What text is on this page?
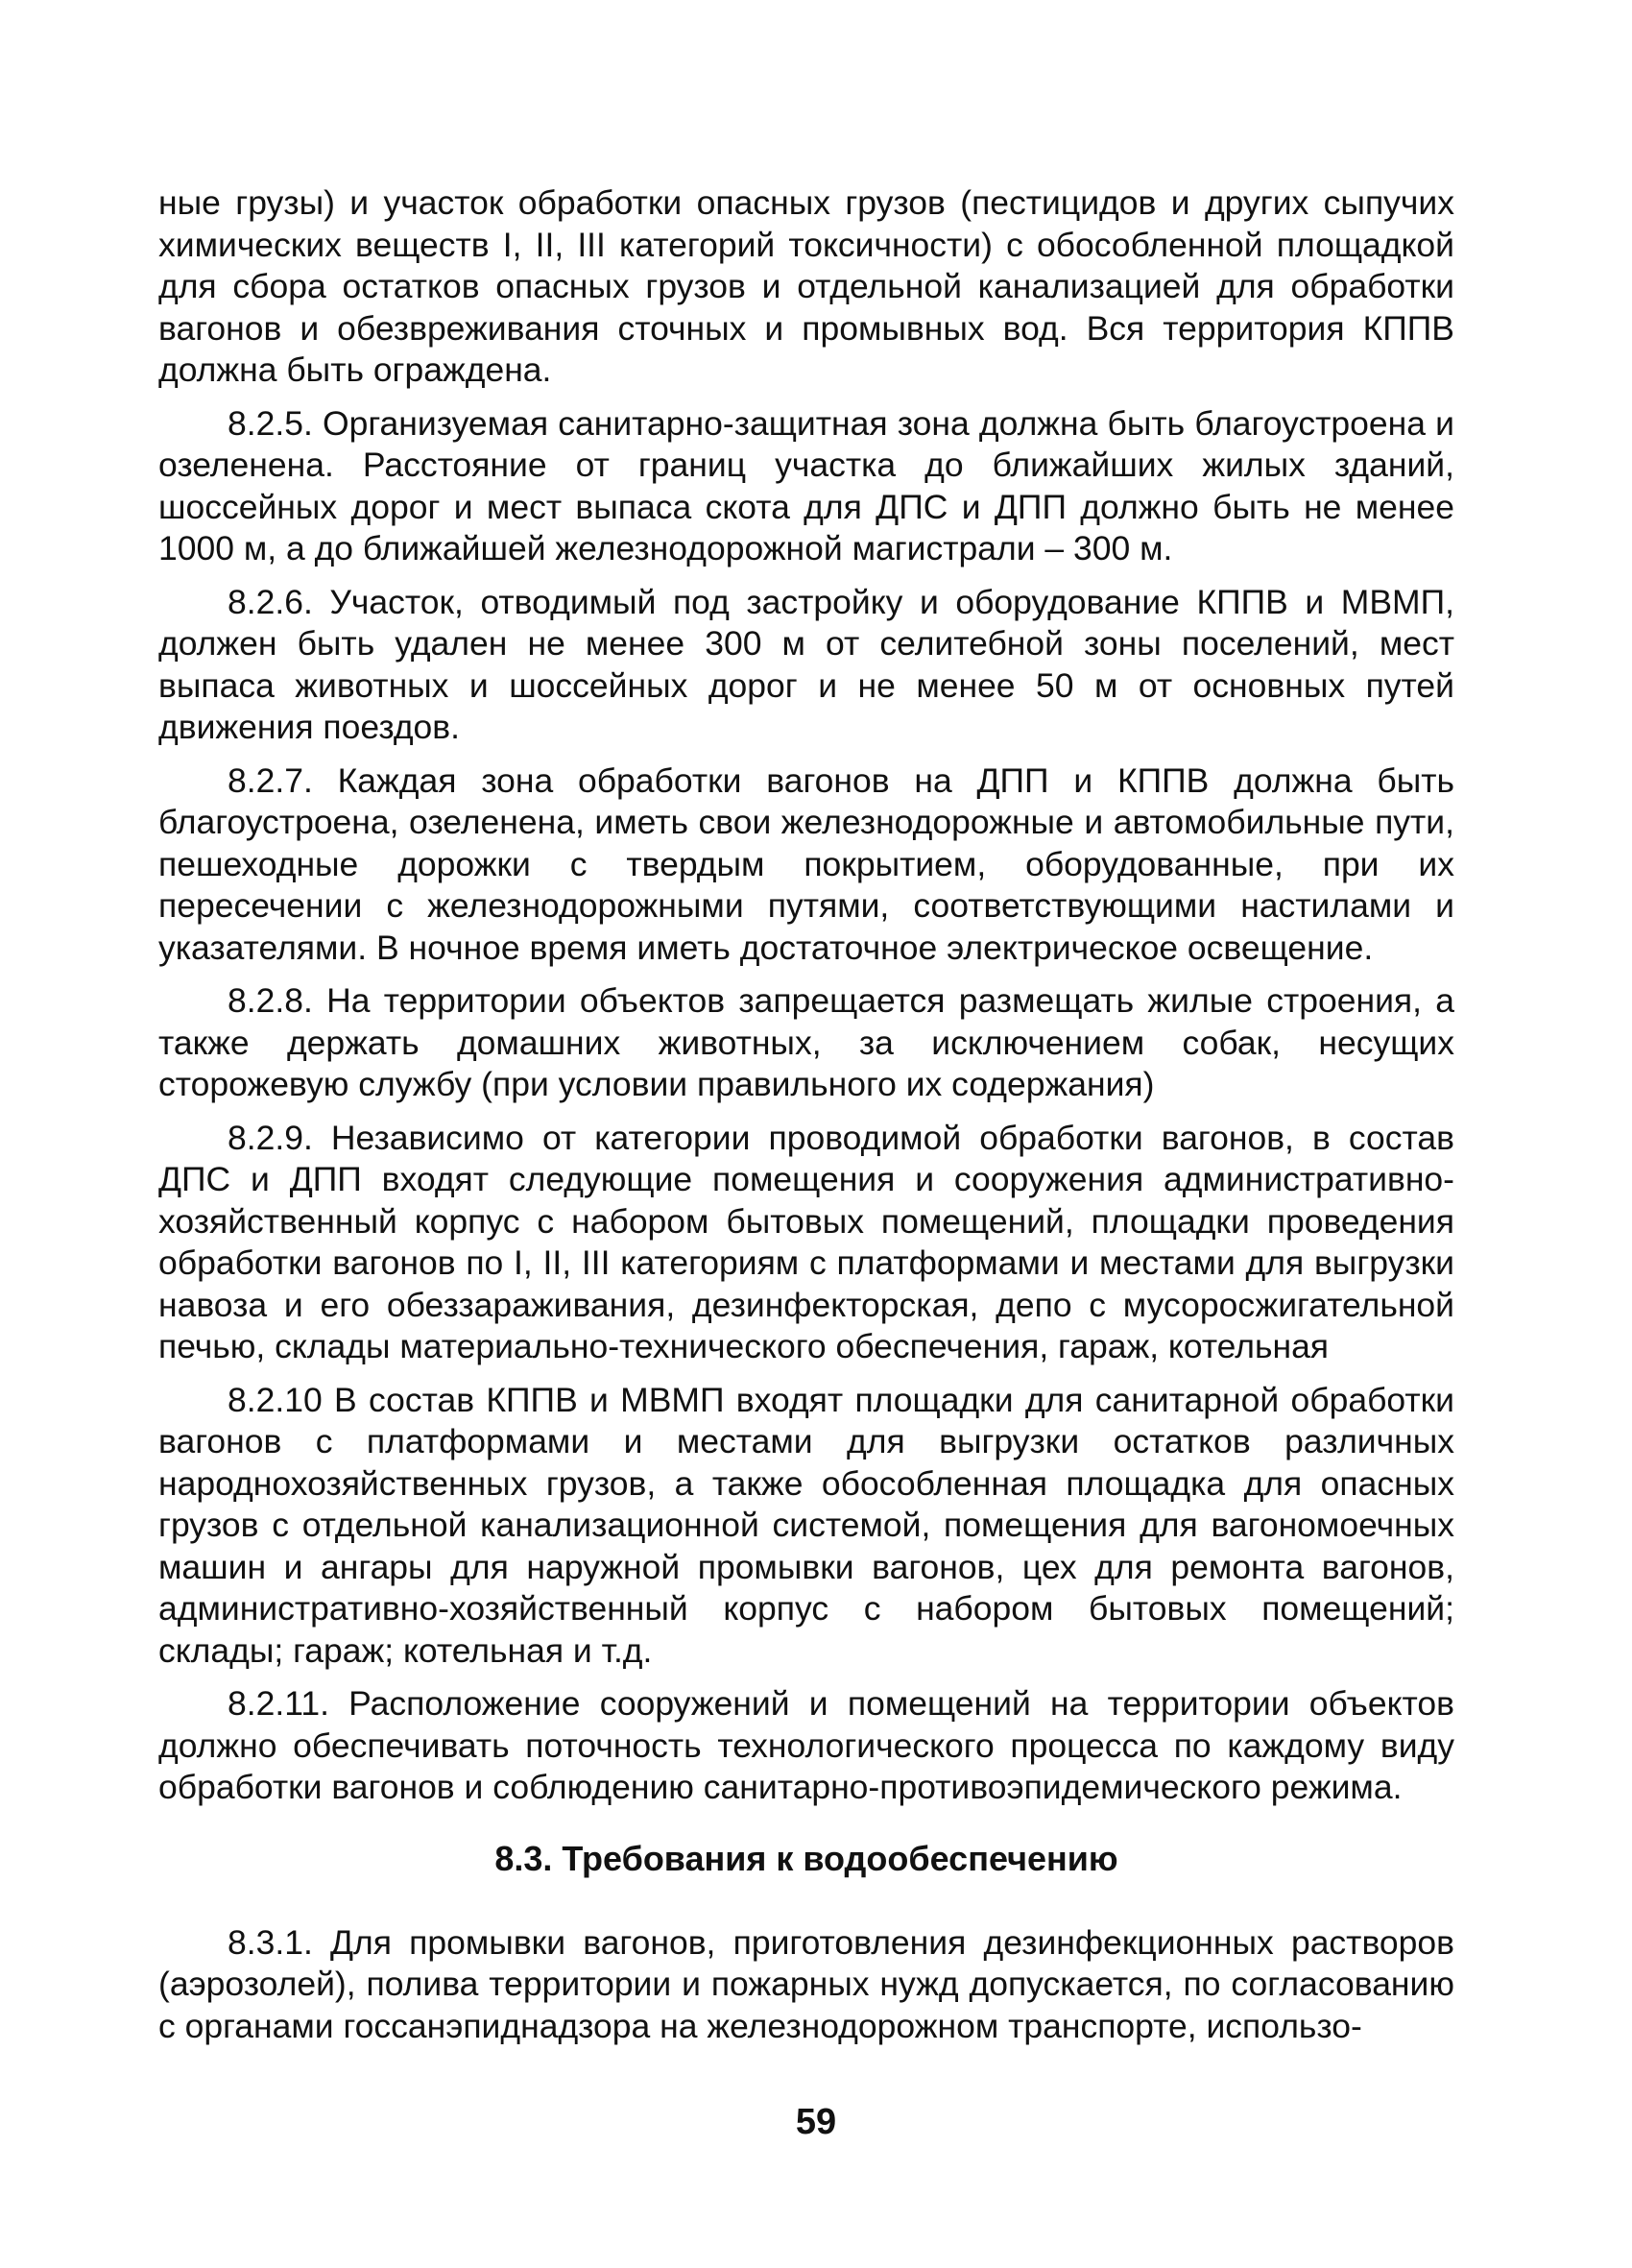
ные грузы) и участок обработки опасных грузов (пестицидов и других сыпучих химических веществ I, II, III категорий токсичности) с обособленной площадкой для сбора остатков опасных грузов и отдельной канализацией для обработки вагонов и обезвреживания сточных и промывных вод. Вся территория КППВ должна быть ограждена.

8.2.5. Организуемая санитарно-защитная зона должна быть благоустроена и озеленена. Расстояние от границ участка до ближайших жилых зданий, шоссейных дорог и мест выпаса скота для ДПС и ДПП должно быть не менее 1000 м, а до ближайшей железнодорожной магистрали – 300 м.

8.2.6. Участок, отводимый под застройку и оборудование КППВ и МВМП, должен быть удален не менее 300 м от селитебной зоны поселений, мест выпаса животных и шоссейных дорог и не менее 50 м от основных путей движения поездов.

8.2.7. Каждая зона обработки вагонов на ДПП и КППВ должна быть благоустроена, озеленена, иметь свои железнодорожные и автомобильные пути, пешеходные дорожки с твердым покрытием, оборудованные, при их пересечении с железнодорожными путями, соответствующими настилами и указателями. В ночное время иметь достаточное электрическое освещение.

8.2.8. На территории объектов запрещается размещать жилые строения, а также держать домашних животных, за исключением собак, несущих сторожевую службу (при условии правильного их содержания)

8.2.9. Независимо от категории проводимой обработки вагонов, в состав ДПС и ДПП входят следующие помещения и сооружения административно-хозяйственный корпус с набором бытовых помещений, площадки проведения обработки вагонов по I, II, III категориям с платформами и местами для выгрузки навоза и его обеззараживания, дезинфекторская, депо с мусоросжигательной печью, склады материально-технического обеспечения, гараж, котельная

8.2.10 В состав КППВ и МВМП входят площадки для санитарной обработки вагонов с платформами и местами для выгрузки остатков различных народнохозяйственных грузов, а также обособленная площадка для опасных грузов с отдельной канализационной системой, помещения для вагономоечных машин и ангары для наружной промывки вагонов, цех для ремонта вагонов, административно-хозяйственный корпус с набором бытовых помещений; склады; гараж; котельная и т.д.

8.2.11. Расположение сооружений и помещений на территории объектов должно обеспечивать поточность технологического процесса по каждому виду обработки вагонов и соблюдению санитарно-противоэпидемического режима.

8.3. Требования к водообеспечению

8.3.1. Для промывки вагонов, приготовления дезинфекционных растворов (аэрозолей), полива территории и пожарных нужд допускается, по согласованию с органами госсанэпиднадзора на железнодорожном транспорте, использо-

59
